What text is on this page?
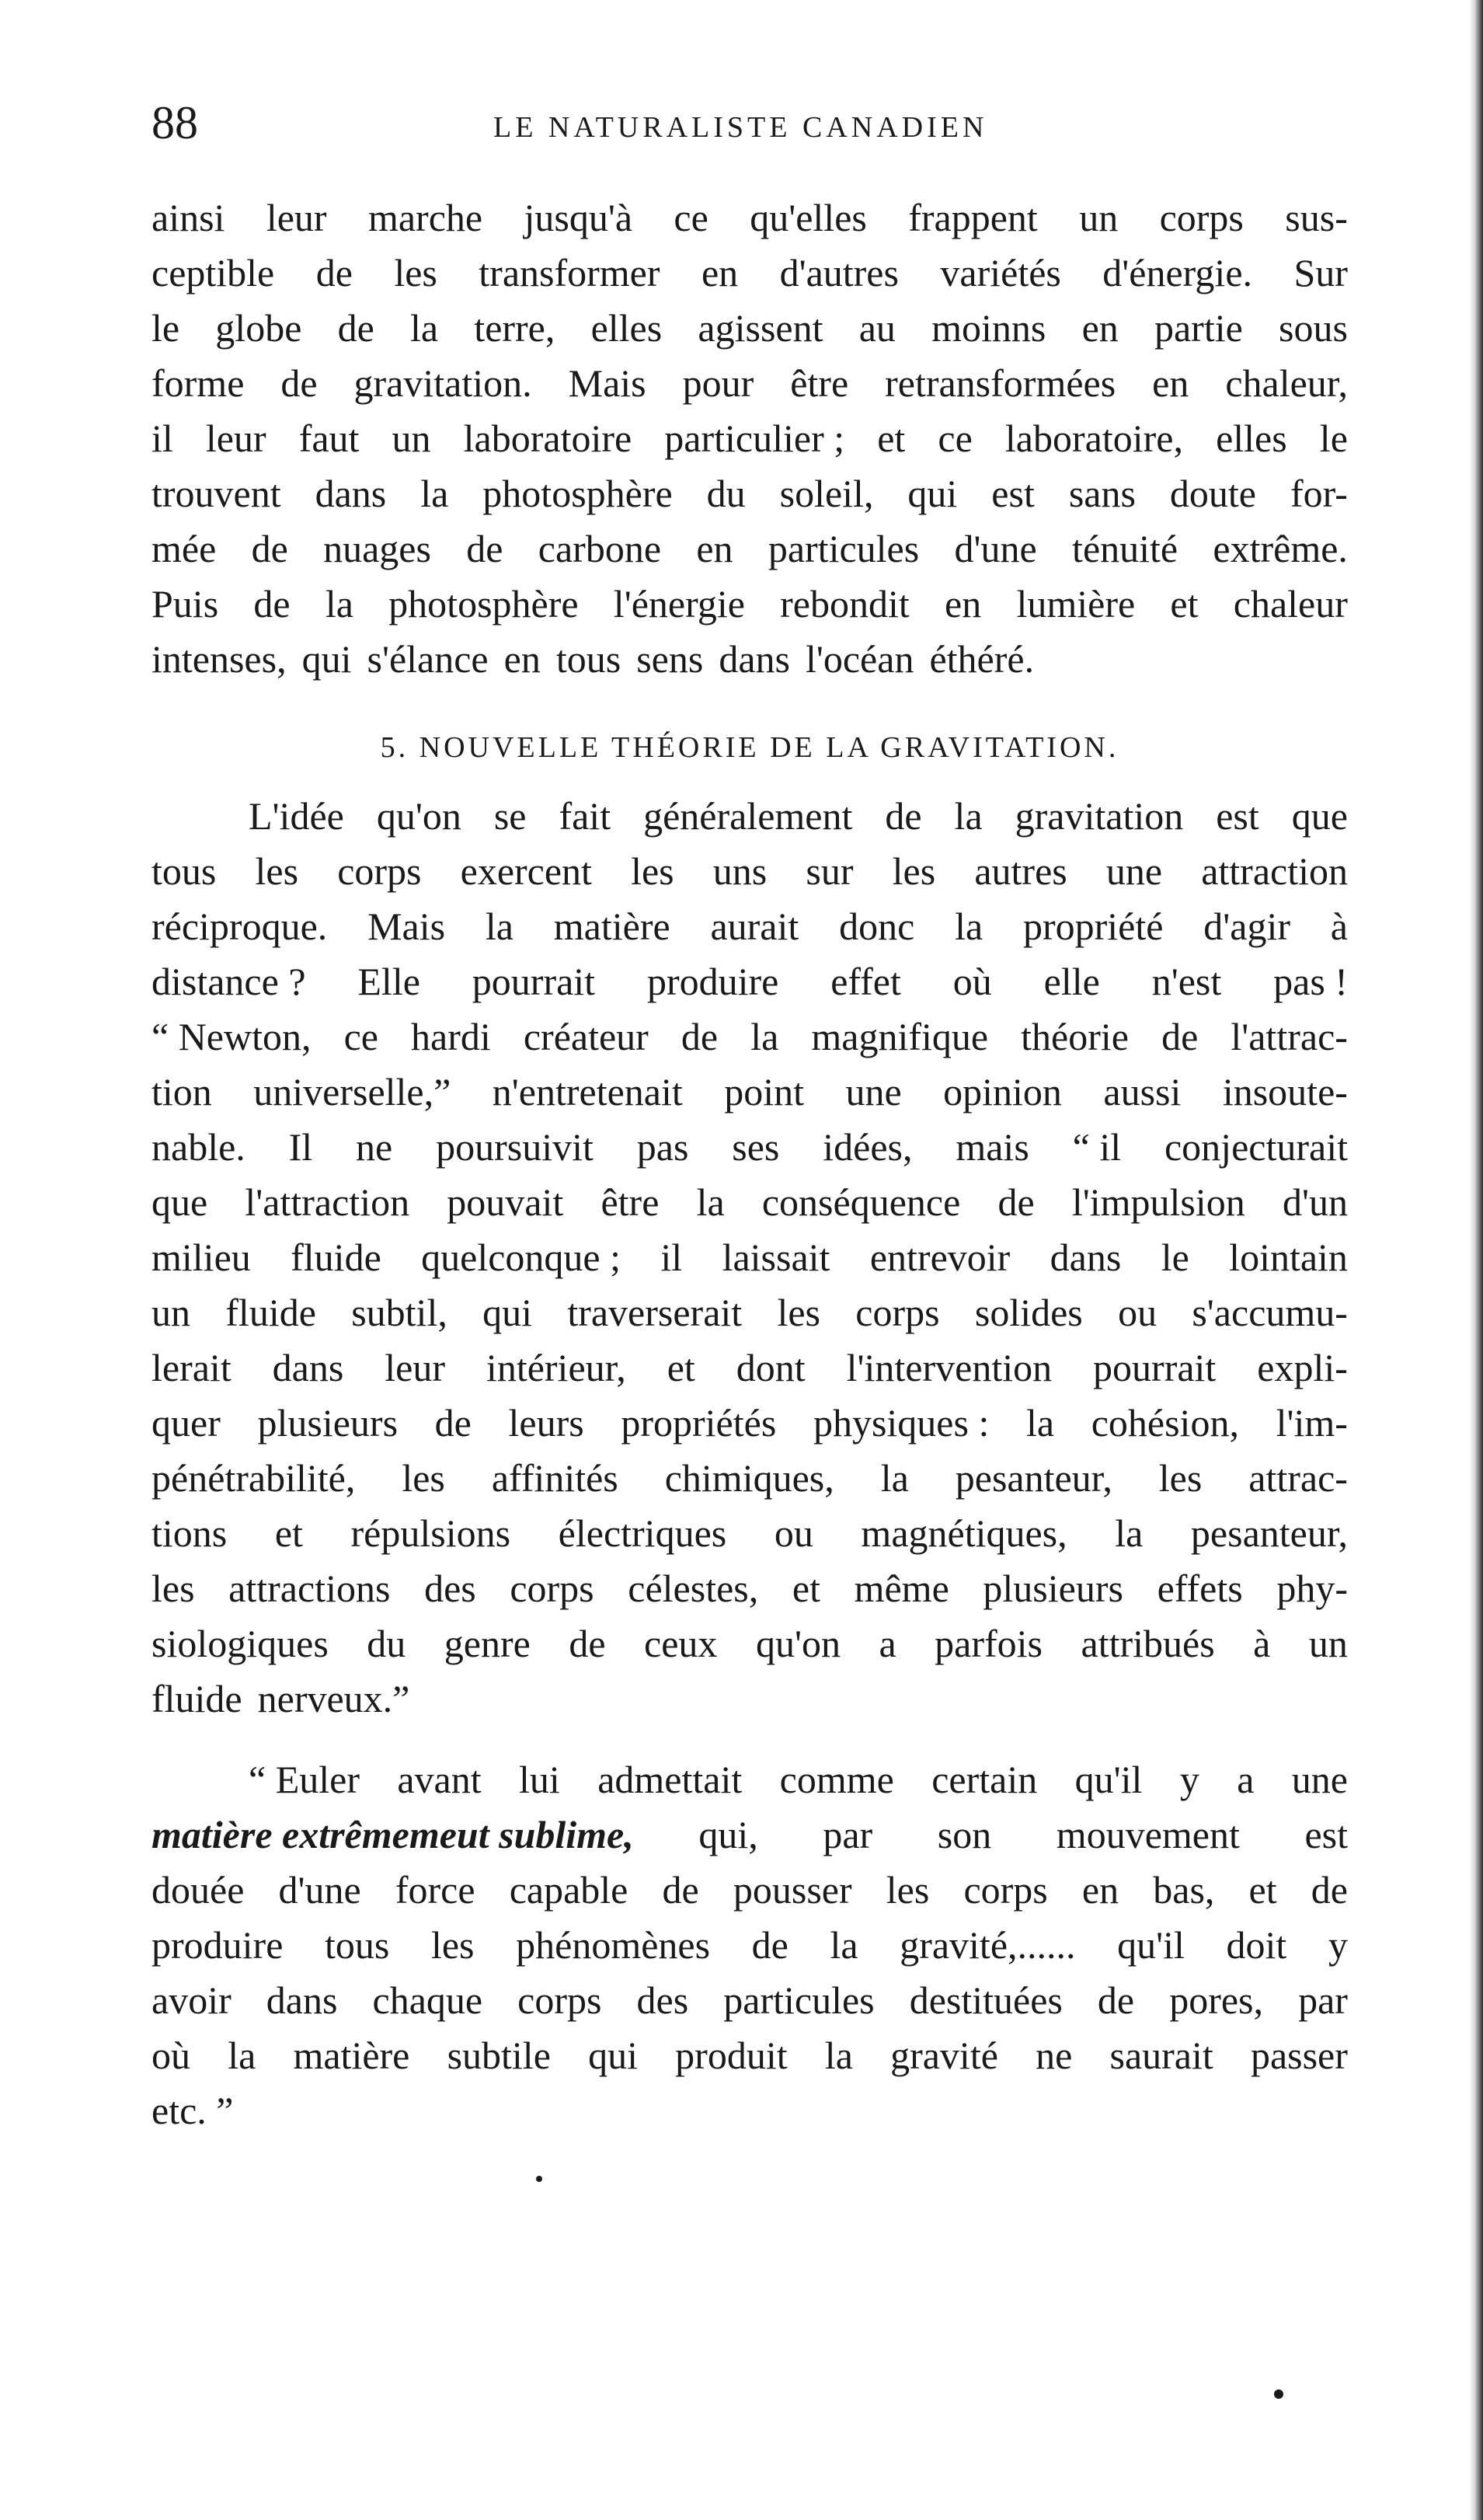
88	LE NATURALISTE CANADIEN
ainsi leur marche jusqu'à ce qu'elles frappent un corps sus-
ceptible de les transformer en d'autres variétés d'énergie. Sur
le globe de la terre, elles agissent au moinns en partie sous
forme de gravitation. Mais pour être retransformées en chaleur,
il leur faut un laboratoire particulier ; et ce laboratoire, elles le
trouvent dans la photosphère du soleil, qui est sans doute for-
mée de nuages de carbone en particules d'une ténuité extrême.
Puis de la photosphère l'énergie rebondit en lumière et chaleur
intenses, qui s'élance en tous sens dans l'océan éthéré.
5. NOUVELLE THÉORIE DE LA GRAVITATION.
L'idée qu'on se fait généralement de la gravitation est que
tous les corps exercent les uns sur les autres une attraction
réciproque. Mais la matière aurait donc la propriété d'agir à
distance ? Elle pourrait produire effet où elle n'est pas !
“ Newton, ce hardi créateur de la magnifique théorie de l'attrac-
tion universelle,” n'entretenait point une opinion aussi insoute-
nable. Il ne poursuivit pas ses idées, mais “ il conjecturait
que l'attraction pouvait être la conséquence de l'impulsion d'un
milieu fluide quelconque ; il laissait entrevoir dans le lointain
un fluide subtil, qui traverserait les corps solides ou s'accumu-
lerait dans leur intérieur, et dont l'intervention pourrait expli-
quer plusieurs de leurs propriétés physiques : la cohésion, l'im-
pénétrabilité, les affinités chimiques, la pesanteur, les attrac-
tions et répulsions électriques ou magnétiques, la pesanteur,
les attractions des corps célestes, et même plusieurs effets phy-
siologiques du genre de ceux qu'on a parfois attribués à un
fluide nerveux.”
“ Euler avant lui admettait comme certain qu'il y a une
matière extrêmemeut sublime, qui, par son mouvement est
douée d'une force capable de pousser les corps en bas, et de
produire tous les phénomènes de la gravité,...... qu'il doit y
avoir dans chaque corps des particules destituées de pores, par
où la matière subtile qui produit la gravité ne saurait passer
etc. ”
